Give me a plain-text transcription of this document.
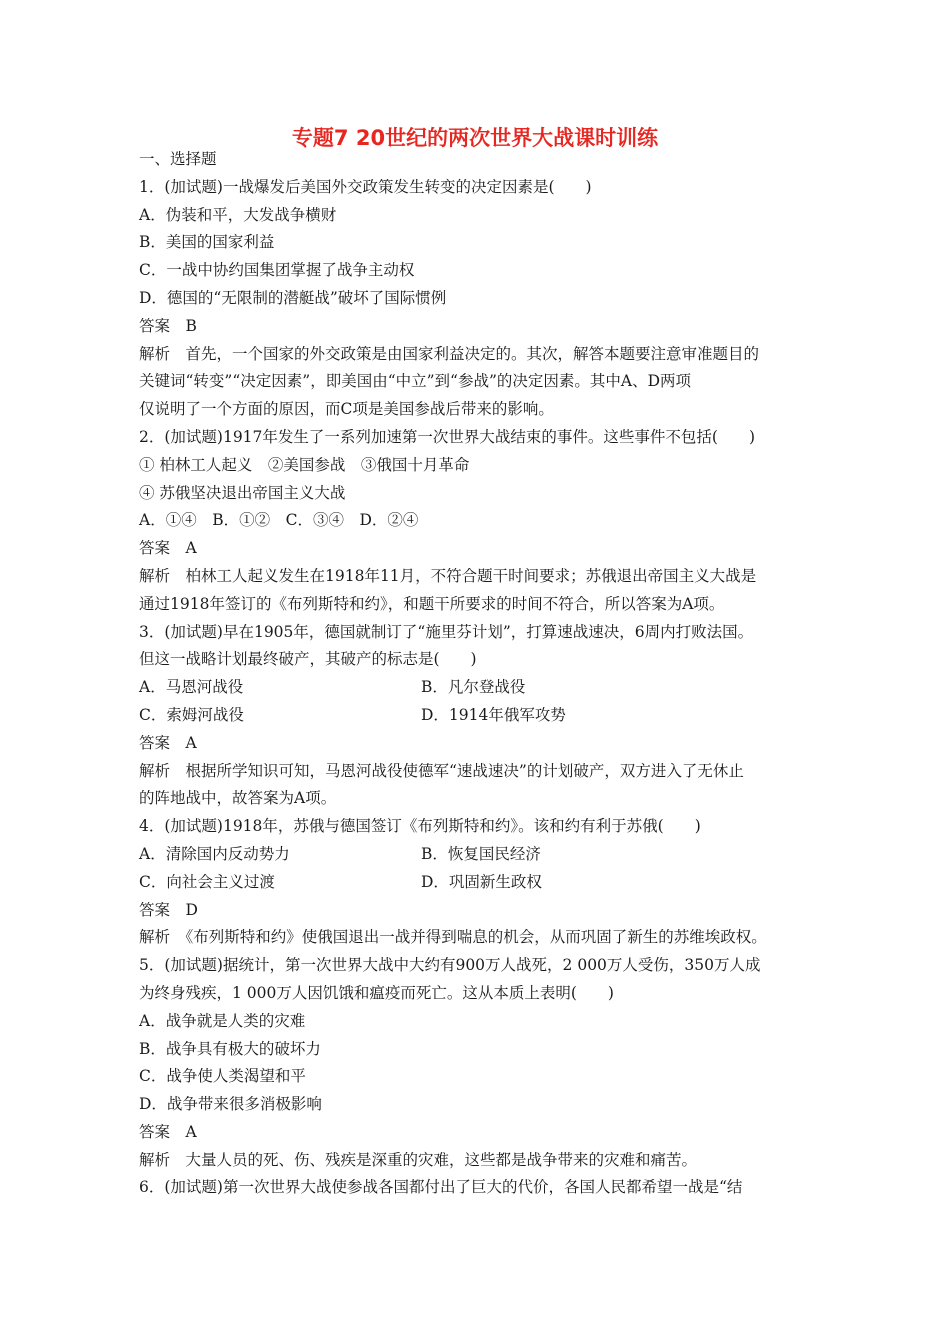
专题7 20世纪的两次世界大战课时训练
一、选择题
1．(加试题)一战爆发后美国外交政策发生转变的决定因素是(　　)
A．伪装和平，大发战争横财
B．美国的国家利益
C．一战中协约国集团掌握了战争主动权
D．德国的“无限制的潜艇战”破坏了国际惯例
答案　B
解析　首先，一个国家的外交政策是由国家利益决定的。其次，解答本题要注意审准题目的
关键词“转变”“决定因素”，即美国由“中立”到“参战”的决定因素。其中A、D两项
仅说明了一个方面的原因，而C项是美国参战后带来的影响。
2．(加试题)1917年发生了一系列加速第一次世界大战结束的事件。这些事件不包括(　　)
① 柏林工人起义　②美国参战　③俄国十月革命
④ 苏俄坚决退出帝国主义大战
A．①④　B．①②　C．③④　D．②④
答案　A
解析　柏林工人起义发生在1918年11月，不符合题干时间要求；苏俄退出帝国主义大战是
通过1918年签订的《布列斯特和约》，和题干所要求的时间不符合，所以答案为A项。
3．(加试题)早在1905年，德国就制订了“施里芬计划”，打算速战速决，6周内打败法国。
但这一战略计划最终破产，其破产的标志是(　　)
A．马恩河战役	B．凡尔登战役
C．索姆河战役	D．1914年俄军攻势
答案　A
解析　根据所学知识可知，马恩河战役使德军“速战速决”的计划破产，双方进入了无休止
的阵地战中，故答案为A项。
4．(加试题)1918年，苏俄与德国签订《布列斯特和约》。该和约有利于苏俄(　　)
A．清除国内反动势力	B．恢复国民经济
C．向社会主义过渡	D．巩固新生政权
答案　D
解析　《布列斯特和约》使俄国退出一战并得到喘息的机会，从而巩固了新生的苏维埃政权。
5．(加试题)据统计，第一次世界大战中大约有900万人战死，2 000万人受伤，350万人成
为终身残疾，1 000万人因饥饿和瘟疫而死亡。这从本质上表明(　　)
A．战争就是人类的灾难
B．战争具有极大的破坏力
C．战争使人类渴望和平
D．战争带来很多消极影响
答案　A
解析　大量人员的死、伤、残疾是深重的灾难，这些都是战争带来的灾难和痛苦。
6．(加试题)第一次世界大战使参战各国都付出了巨大的代价，各国人民都希望一战是“结
